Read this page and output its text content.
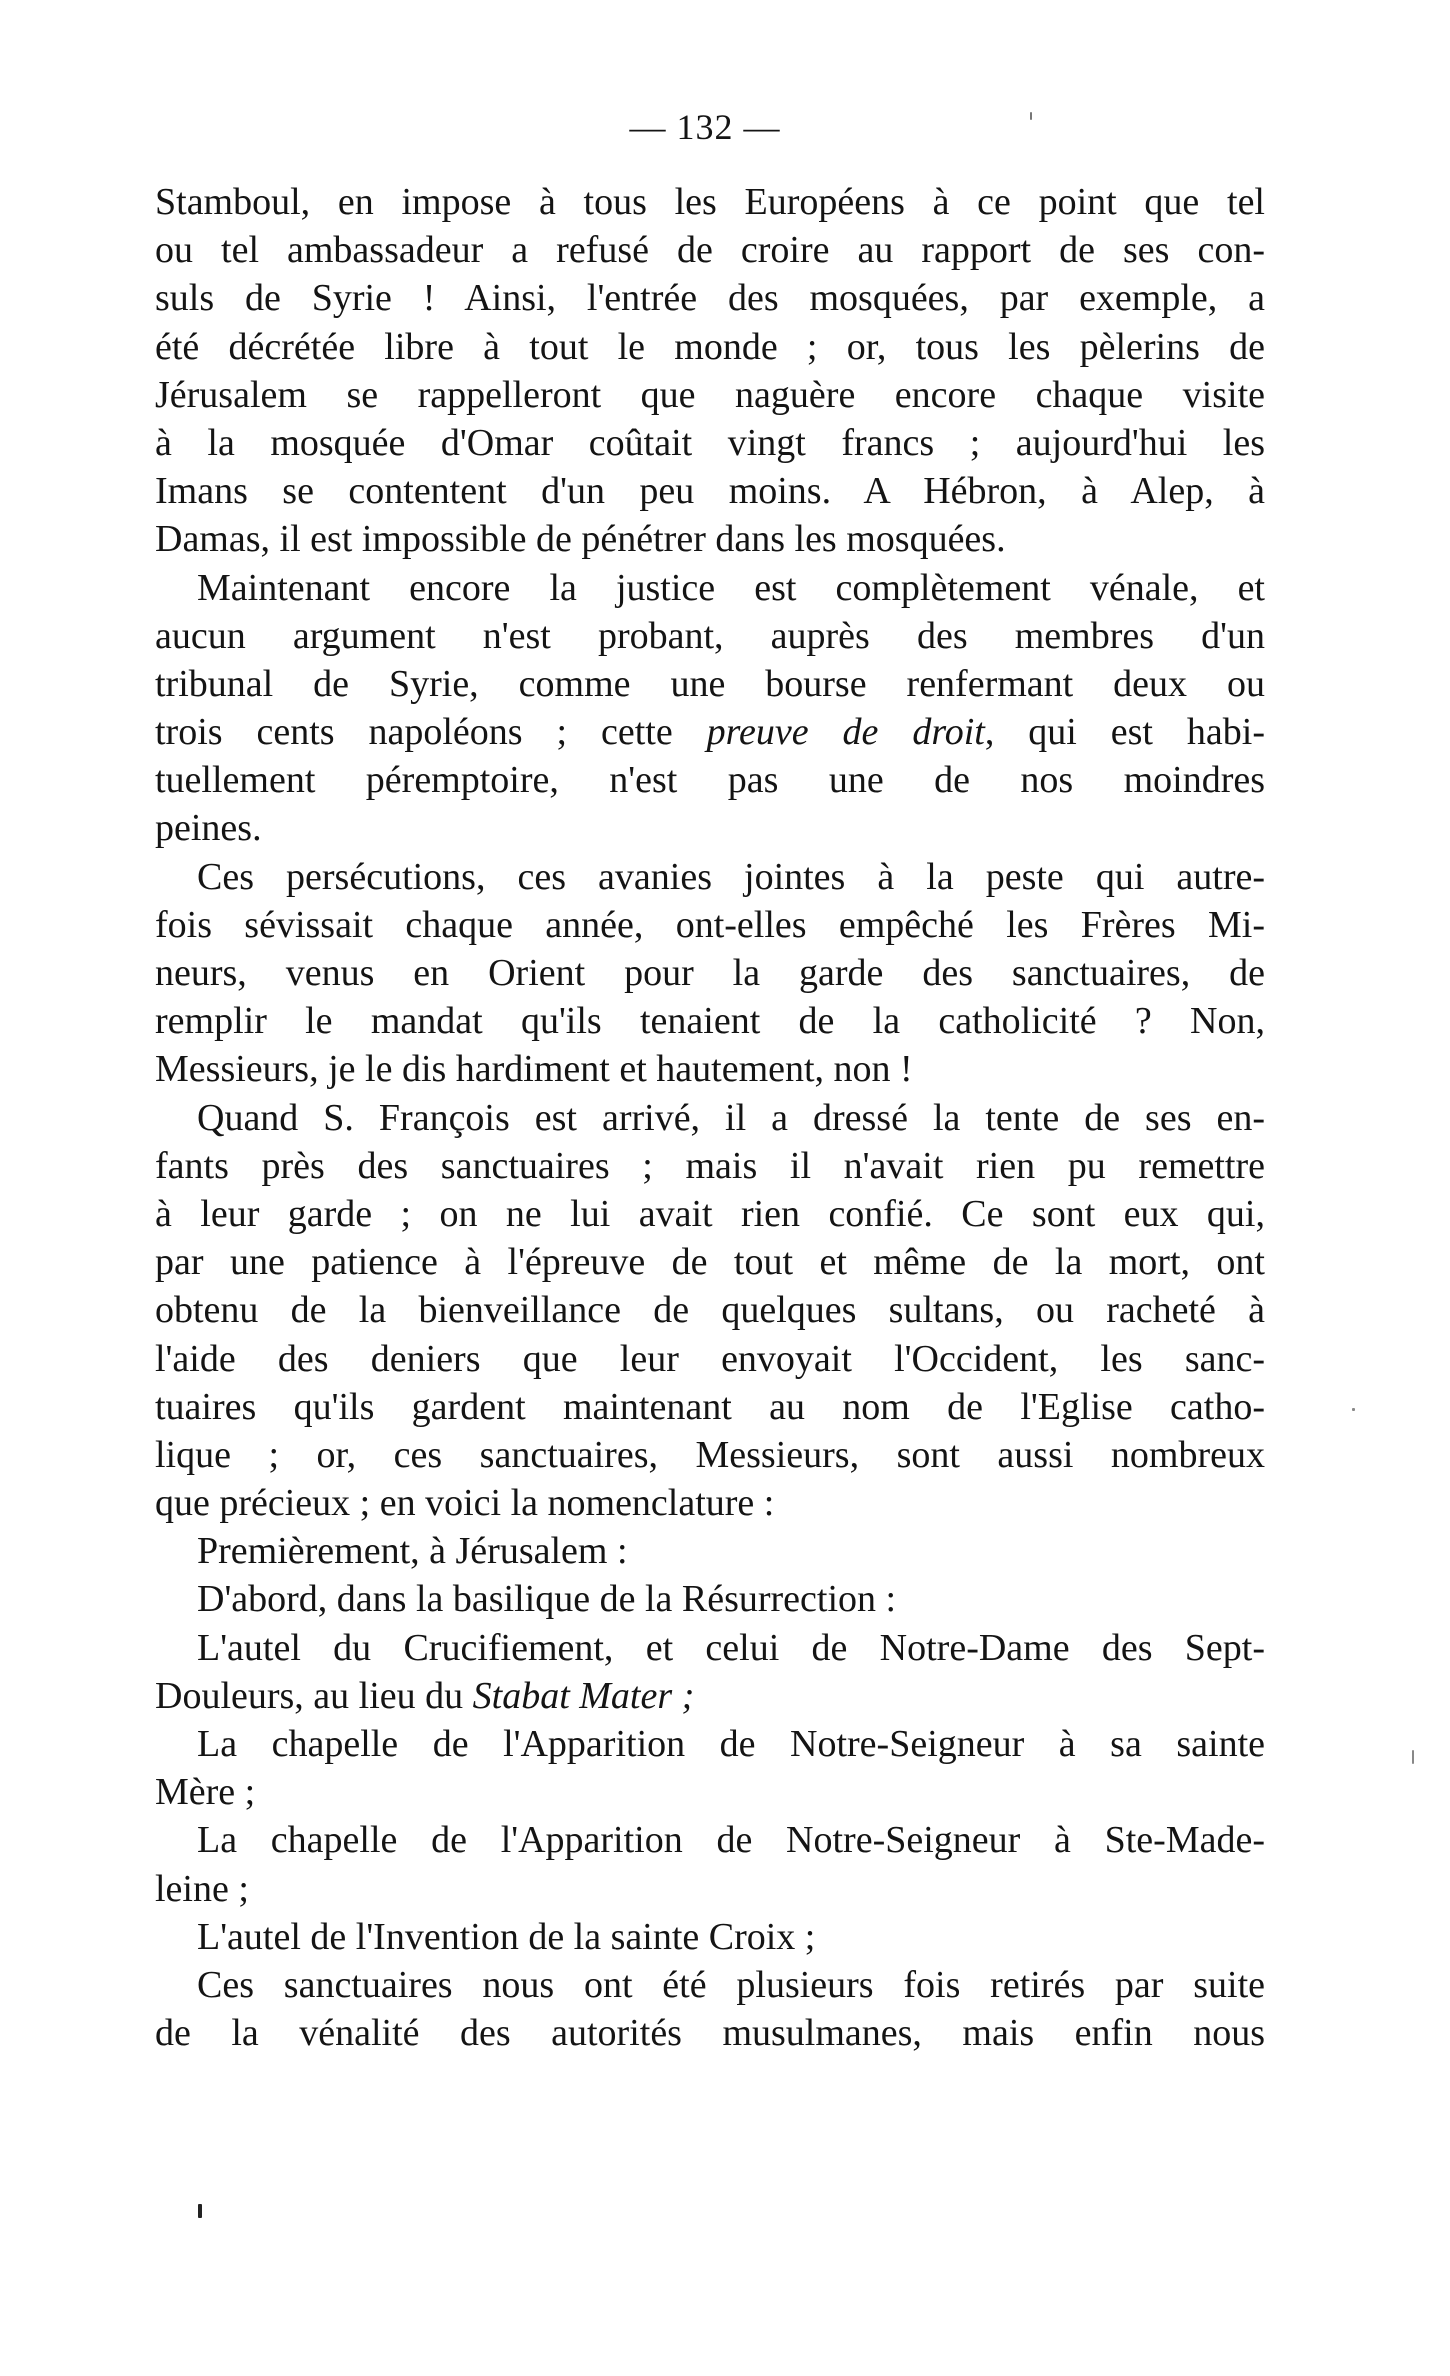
— 132 —
Stamboul, en impose à tous les Européens à ce point que tel
ou tel ambassadeur a refusé de croire au rapport de ses con-
suls de Syrie ! Ainsi, l'entrée des mosquées, par exemple, a
été décrétée libre à tout le monde ; or, tous les pèlerins de
Jérusalem se rappelleront que naguère encore chaque visite
à la mosquée d'Omar coûtait vingt francs ; aujourd'hui les
Imans se contentent d'un peu moins. A Hébron, à Alep, à
Damas, il est impossible de pénétrer dans les mosquées.
Maintenant encore la justice est complètement vénale, et
aucun argument n'est probant, auprès des membres d'un
tribunal de Syrie, comme une bourse renfermant deux ou
trois cents napoléons ; cette preuve de droit, qui est habi-
tuellement péremptoire, n'est pas une de nos moindres
peines.
Ces persécutions, ces avanies jointes à la peste qui autre-
fois sévissait chaque année, ont-elles empêché les Frères Mi-
neurs, venus en Orient pour la garde des sanctuaires, de
remplir le mandat qu'ils tenaient de la catholicité ? Non,
Messieurs, je le dis hardiment et hautement, non !
Quand S. François est arrivé, il a dressé la tente de ses en-
fants près des sanctuaires ; mais il n'avait rien pu remettre
à leur garde ; on ne lui avait rien confié. Ce sont eux qui,
par une patience à l'épreuve de tout et même de la mort, ont
obtenu de la bienveillance de quelques sultans, ou racheté à
l'aide des deniers que leur envoyait l'Occident, les sanc-
tuaires qu'ils gardent maintenant au nom de l'Eglise catho-
lique ; or, ces sanctuaires, Messieurs, sont aussi nombreux
que précieux ; en voici la nomenclature :
Premièrement, à Jérusalem :
D'abord, dans la basilique de la Résurrection :
L'autel du Crucifiement, et celui de Notre-Dame des Sept-
Douleurs, au lieu du Stabat Mater ;
La chapelle de l'Apparition de Notre-Seigneur à sa sainte
Mère ;
La chapelle de l'Apparition de Notre-Seigneur à Ste-Made-
leine ;
L'autel de l'Invention de la sainte Croix ;
Ces sanctuaires nous ont été plusieurs fois retirés par suite
de la vénalité des autorités musulmanes, mais enfin nous
